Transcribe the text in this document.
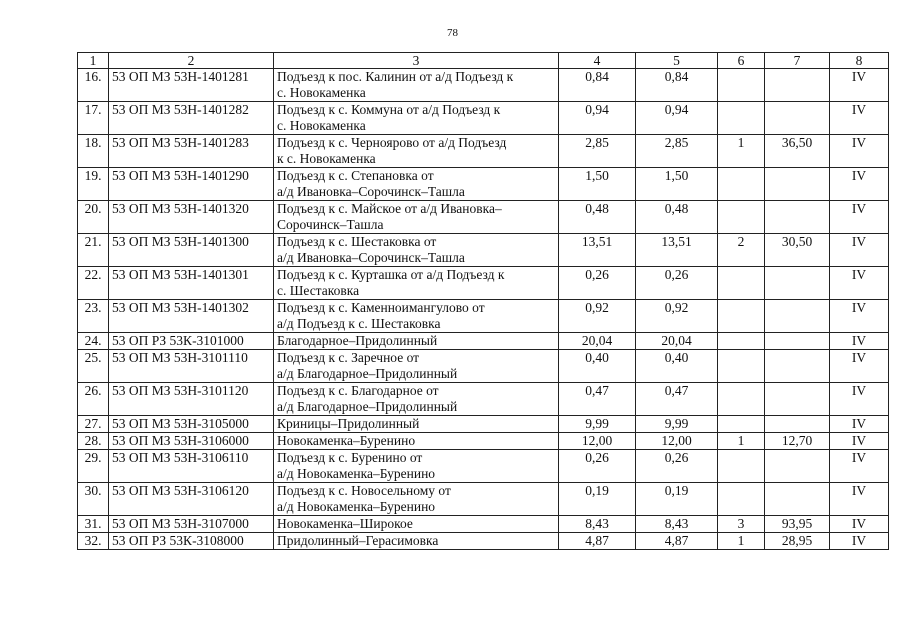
78
1	2	3	4	5	6	7	8
16.	53 ОП МЗ 53Н-1401281	Подъезд к пос. Калинин от а/д Подъезд к
с. Новокаменка	0,84	0,84			IV
17.	53 ОП МЗ 53Н-1401282	Подъезд к с. Коммуна от а/д Подъезд к
с. Новокаменка	0,94	0,94			IV
18.	53 ОП МЗ 53Н-1401283	Подъезд к с. Черноярово от а/д Подъезд
к с. Новокаменка	2,85	2,85	1	36,50	IV
19.	53 ОП МЗ 53Н-1401290	Подъезд к с. Степановка от
а/д Ивановка–Сорочинск–Ташла	1,50	1,50			IV
20.	53 ОП МЗ 53Н-1401320	Подъезд к с. Майское от а/д Ивановка–
Сорочинск–Ташла	0,48	0,48			IV
21.	53 ОП МЗ 53Н-1401300	Подъезд к с. Шестаковка от
а/д Ивановка–Сорочинск–Ташла	13,51	13,51	2	30,50	IV
22.	53 ОП МЗ 53Н-1401301	Подъезд к с. Курташка от а/д Подъезд к
с. Шестаковка	0,26	0,26			IV
23.	53 ОП МЗ 53Н-1401302	Подъезд к с. Каменноимангулово от
а/д Подъезд к с. Шестаковка	0,92	0,92			IV
24.	53 ОП РЗ 53К-3101000	Благодарное–Придолинный	20,04	20,04			IV
25.	53 ОП МЗ 53Н-3101110	Подъезд к с. Заречное от
а/д Благодарное–Придолинный	0,40	0,40			IV
26.	53 ОП МЗ 53Н-3101120	Подъезд к с. Благодарное от
а/д Благодарное–Придолинный	0,47	0,47			IV
27.	53 ОП МЗ 53Н-3105000	Криницы–Придолинный	9,99	9,99			IV
28.	53 ОП МЗ 53Н-3106000	Новокаменка–Буренино	12,00	12,00	1	12,70	IV
29.	53 ОП МЗ 53Н-3106110	Подъезд к с. Буренино от
а/д Новокаменка–Буренино	0,26	0,26			IV
30.	53 ОП МЗ 53Н-3106120	Подъезд к с. Новосельному от
а/д Новокаменка–Буренино	0,19	0,19			IV
31.	53 ОП МЗ 53Н-3107000	Новокаменка–Широкое	8,43	8,43	3	93,95	IV
32.	53 ОП РЗ 53К-3108000	Придолинный–Герасимовка	4,87	4,87	1	28,95	IV
